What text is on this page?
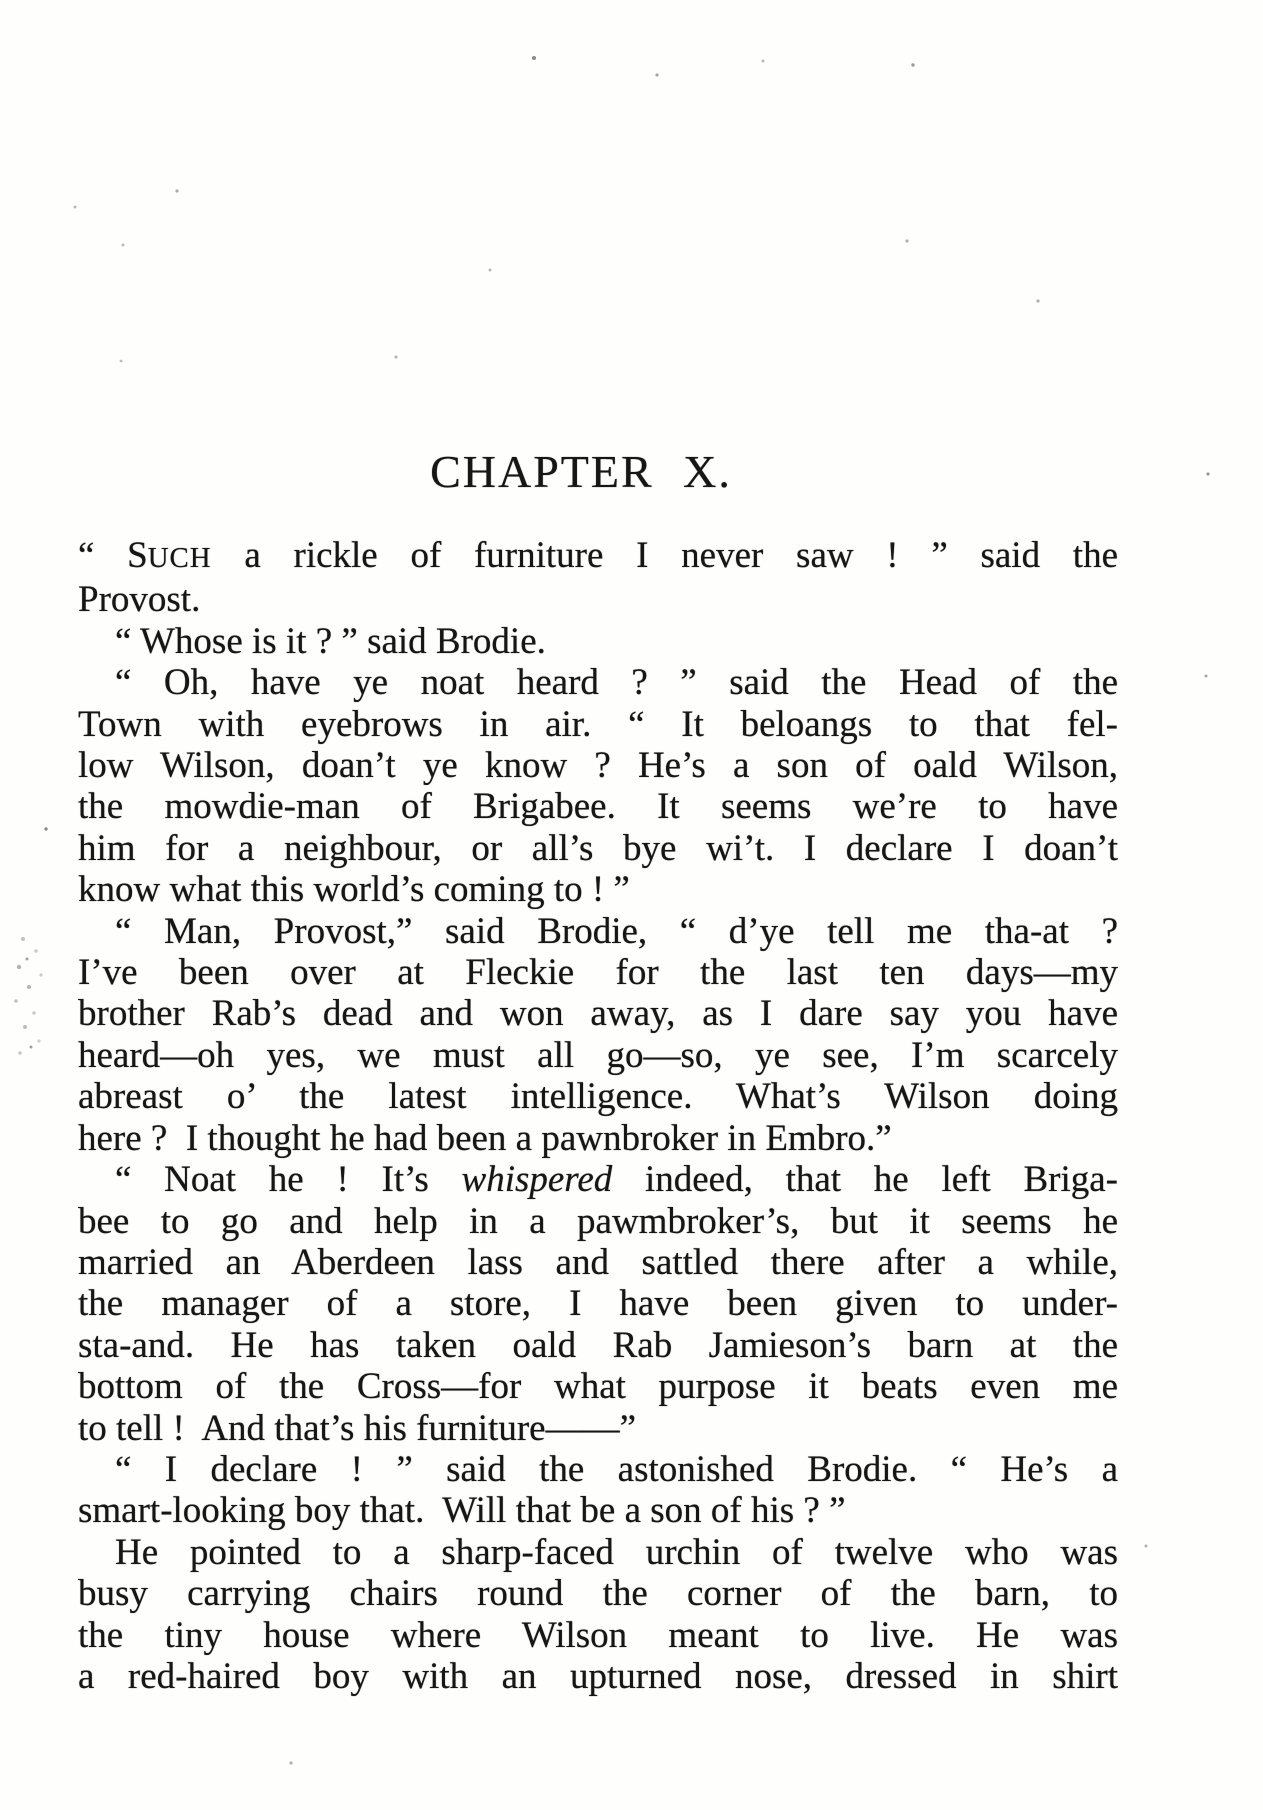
CHAPTER X.
“ SUCH a rickle of furniture I never saw ! ” said the
Provost.
“ Whose is it ? ” said Brodie.
“ Oh, have ye noat heard ? ” said the Head of the
Town with eyebrows in air. “ It beloangs to that fel-
low Wilson, doan’t ye know ? He’s a son of oald Wilson,
the mowdie-man of Brigabee. It seems we’re to have
him for a neighbour, or all’s bye wi’t. I declare I doan’t
know what this world’s coming to ! ”
“ Man, Provost,” said Brodie, “ d’ye tell me tha-at ?
I’ve been over at Fleckie for the last ten days—my
brother Rab’s dead and won away, as I dare say you have
heard—oh yes, we must all go—so, ye see, I’m scarcely
abreast o’ the latest intelligence. What’s Wilson doing
here ?  I thought he had been a pawnbroker in Embro.”
“ Noat he ! It’s whispered indeed, that he left Briga-
bee to go and help in a pawmbroker’s, but it seems he
married an Aberdeen lass and sattled there after a while,
the manager of a store, I have been given to under-
sta-and. He has taken oald Rab Jamieson’s barn at the
bottom of the Cross—for what purpose it beats even me
to tell !  And that’s his furniture——”
“ I declare ! ” said the astonished Brodie. “ He’s a
smart-looking boy that.  Will that be a son of his ? ”
He pointed to a sharp-faced urchin of twelve who was
busy carrying chairs round the corner of the barn, to
the tiny house where Wilson meant to live. He was
a red-haired boy with an upturned nose, dressed in shirt
